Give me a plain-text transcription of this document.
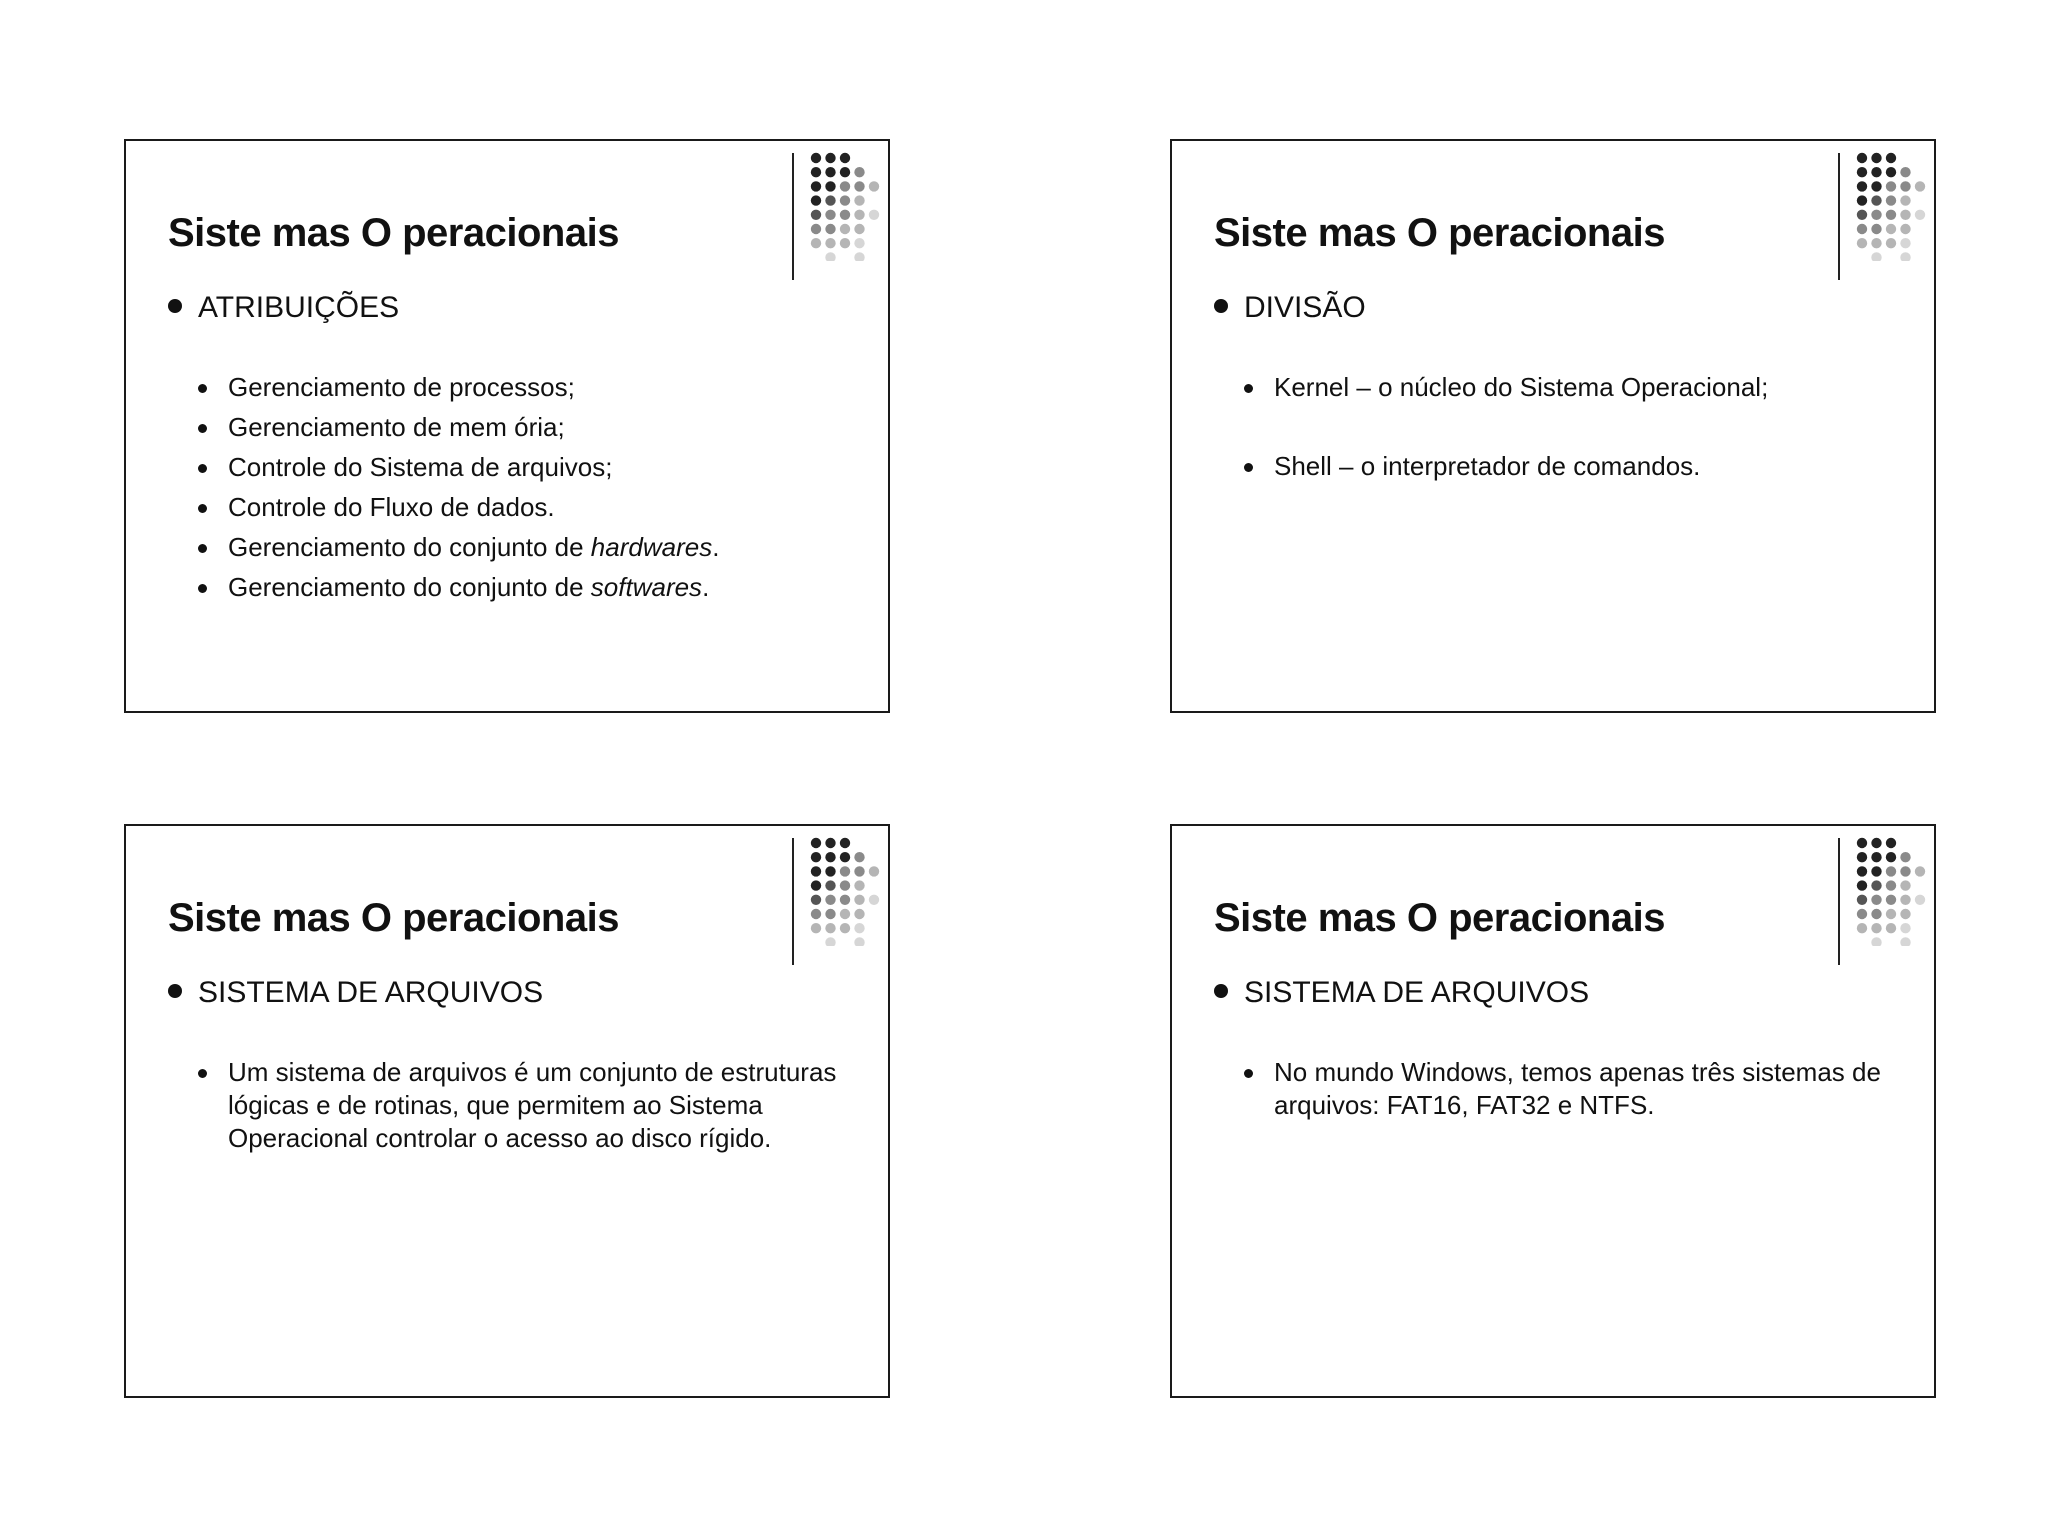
Siste mas O peracionais
ATRIBUIÇÕES
Gerenciamento de processos;
Gerenciamento de mem ória;
Controle do Sistema de arquivos;
Controle do Fluxo de dados.
Gerenciamento do conjunto de hardwares.
Gerenciamento do conjunto de softwares.
Siste mas O peracionais
DIVISÃO
Kernel – o núcleo do Sistema Operacional;
Shell – o interpretador de comandos.
Siste mas O peracionais
SISTEMA DE ARQUIVOS
Um sistema de arquivos é um conjunto de estruturas lógicas e de rotinas, que permitem ao Sistema Operacional controlar o acesso ao disco rígido.
Siste mas O peracionais
SISTEMA DE ARQUIVOS
No mundo Windows, temos apenas três sistemas de arquivos: FAT16, FAT32 e NTFS.
